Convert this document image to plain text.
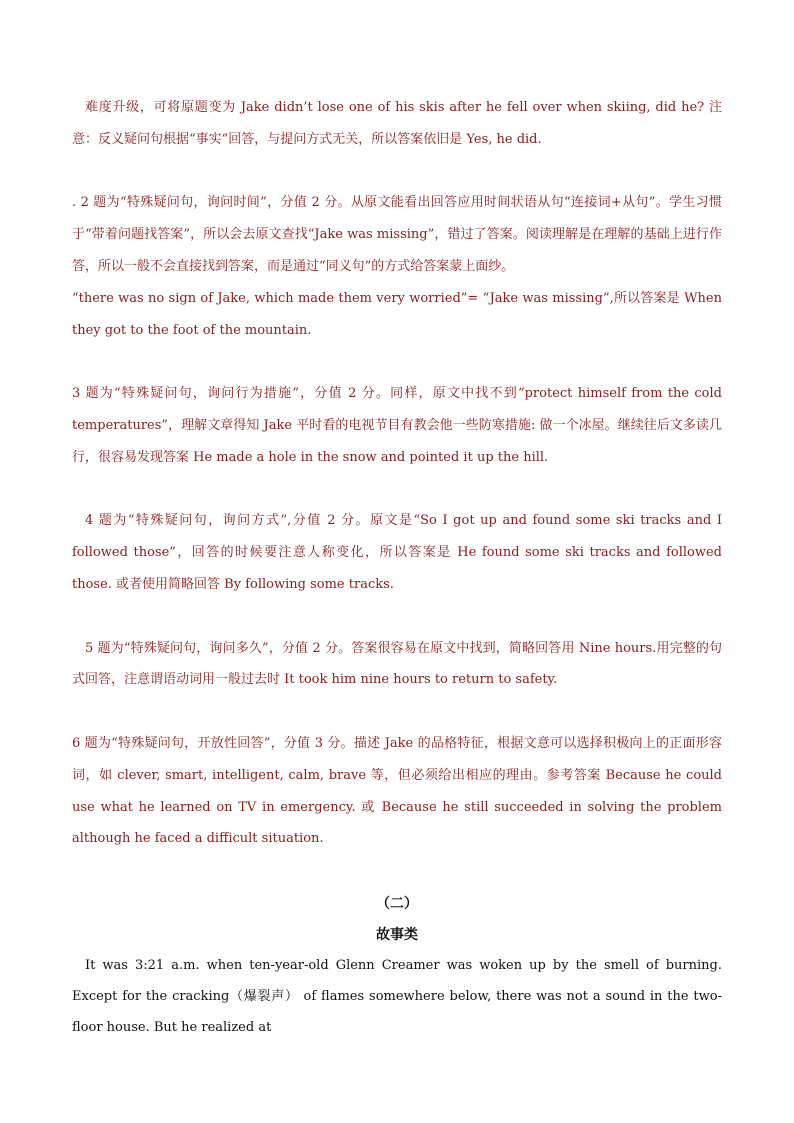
难度升级，可将原题变为 Jake didn’t lose one of his skis after he fell over when skiing, did he? 注意：反义疑问句根据“事实”回答，与提问方式无关，所以答案依旧是 Yes, he did.

. 2 题为“特殊疑问句，询问时间”，分值 2 分。从原文能看出回答应用时间状语从句“连接词+从句”。学生习惯于“带着问题找答案”，所以会去原文查找“Jake was missing”，错过了答案。阅读理解是在理解的基础上进行作答，所以一般不会直接找到答案，而是通过“同义句”的方式给答案蒙上面纱。

“there was no sign of Jake, which made them very worried”= “Jake was missing”,所以答案是 When they got to the foot of the mountain.

3 题为“特殊疑问句，询问行为措施”，分值 2 分。同样，原文中找不到“protect himself from the cold temperatures”，理解文章得知 Jake 平时看的电视节目有教会他一些防寒措施: 做一个冰屋。继续往后文多读几行，很容易发现答案 He made a hole in the snow and pointed it up the hill.

4 题为“特殊疑问句，询问方式”,分值 2 分。原文是“So I got up and found some ski tracks and I followed those”，回答的时候要注意人称变化，所以答案是 He found some ski tracks and followed those. 或者使用简略回答 By following some tracks.

5 题为“特殊疑问句，询问多久”，分值 2 分。答案很容易在原文中找到，简略回答用 Nine hours.用完整的句式回答，注意谓语动词用一般过去时 It took him nine hours to return to safety.

6 题为“特殊疑问句，开放性回答”，分值 3 分。描述 Jake 的品格特征，根据文意可以选择积极向上的正面形容词，如 clever, smart, intelligent, calm, brave 等，但必须给出相应的理由。参考答案 Because he could use what he learned on TV in emergency. 或 Because he still succeeded in solving the problem although he faced a difficult situation.

（二）
故事类

It was 3:21 a.m. when ten-year-old Glenn Creamer was woken up by the smell of burning. Except for the cracking（爆裂声） of flames somewhere below, there was not a sound in the two-floor house. But he realized at
